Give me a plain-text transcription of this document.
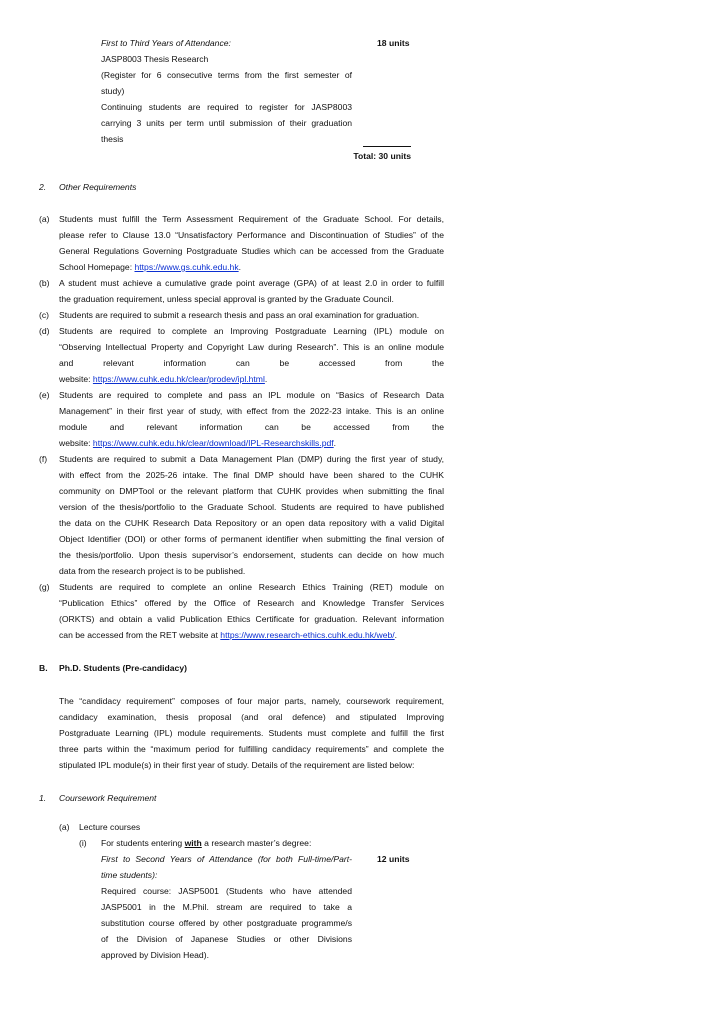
First to Third Years of Attendance:	18 units
JASP8003 Thesis Research
(Register for 6 consecutive terms from the first semester of
study)
Continuing students are required to register for JASP8003
carrying 3 units per term until submission of their graduation
thesis
Total: 30 units
2. Other Requirements
(a) Students must fulfill the Term Assessment Requirement of the Graduate School. For details,
please refer to Clause 13.0 “Unsatisfactory Performance and Discontinuation of Studies” of the
General Regulations Governing Postgraduate Studies which can be accessed from the Graduate
School Homepage: https://www.gs.cuhk.edu.hk.
(b) A student must achieve a cumulative grade point average (GPA) of at least 2.0 in order to fulfill
the graduation requirement, unless special approval is granted by the Graduate Council.
(c) Students are required to submit a research thesis and pass an oral examination for graduation.
(d) Students are required to complete an Improving Postgraduate Learning (IPL) module on
“Observing Intellectual Property and Copyright Law during Research”. This is an online module
and relevant information can be accessed from the
website: https://www.cuhk.edu.hk/clear/prodev/ipl.html.
(e) Students are required to complete and pass an IPL module on “Basics of Research Data
Management” in their first year of study, with effect from the 2022-23 intake. This is an online
module and relevant information can be accessed from the
website: https://www.cuhk.edu.hk/clear/download/IPL-Researchskills.pdf.
(f) Students are required to submit a Data Management Plan (DMP) during the first year of study,
with effect from the 2025-26 intake. The final DMP should have been shared to the CUHK
community on DMPTool or the relevant platform that CUHK provides when submitting the final
version of the thesis/portfolio to the Graduate School. Students are required to have published
the data on the CUHK Research Data Repository or an open data repository with a valid Digital
Object Identifier (DOI) or other forms of permanent identifier when submitting the final version of
the thesis/portfolio. Upon thesis supervisor’s endorsement, students can decide on how much
data from the research project is to be published.
(g) Students are required to complete an online Research Ethics Training (RET) module on
“Publication Ethics” offered by the Office of Research and Knowledge Transfer Services
(ORKTS) and obtain a valid Publication Ethics Certificate for graduation. Relevant information
can be accessed from the RET website at https://www.research-ethics.cuhk.edu.hk/web/.
B. Ph.D. Students (Pre-candidacy)
The “candidacy requirement” composes of four major parts, namely, coursework requirement,
candidacy examination, thesis proposal (and oral defence) and stipulated Improving
Postgraduate Learning (IPL) module requirements. Students must complete and fulfill the first
three parts within the “maximum period for fulfilling candidacy requirements” and complete the
stipulated IPL module(s) in their first year of study. Details of the requirement are listed below:
1. Coursework Requirement
(a) Lecture courses
(i) For students entering with a research master’s degree:
First to Second Years of Attendance (for both Full-time/Part-
time students):
12 units
Required course: JASP5001 (Students who have attended
JASP5001 in the M.Phil. stream are required to take a
substitution course offered by other postgraduate programme/s
of the Division of Japanese Studies or other Divisions
approved by Division Head).
